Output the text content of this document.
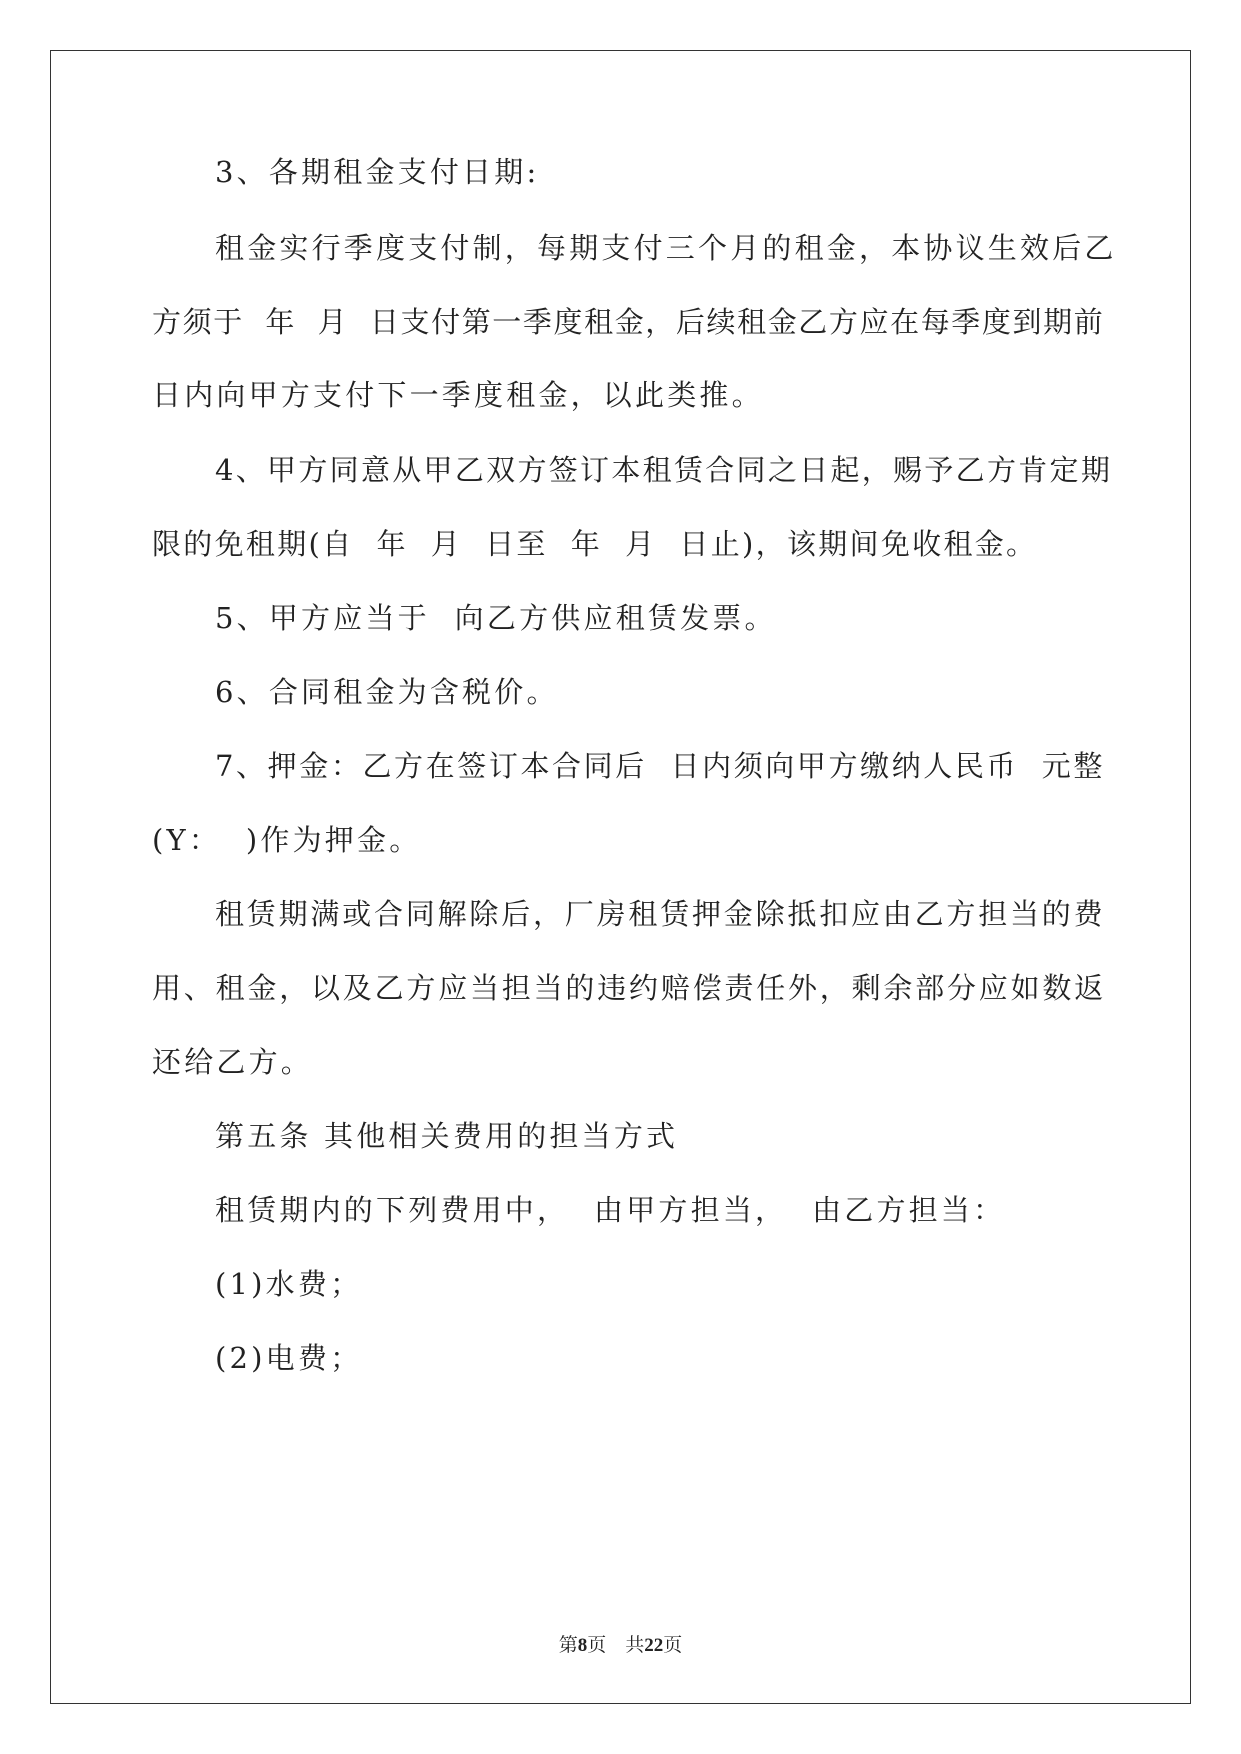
3、各期租金支付日期:
租金实行季度支付制，每期支付三个月的租金，本协议生效后乙
方须于  年  月  日支付第一季度租金，后续租金乙方应在每季度到期前
日内向甲方支付下一季度租金，以此类推。
4、甲方同意从甲乙双方签订本租赁合同之日起，赐予乙方肯定期
限的免租期(自  年  月  日至  年  月  日止)，该期间免收租金。
5、甲方应当于  向乙方供应租赁发票。
6、合同租金为含税价。
7、押金：乙方在签订本合同后  日内须向甲方缴纳人民币  元整
(Y：  )作为押金。
租赁期满或合同解除后，厂房租赁押金除抵扣应由乙方担当的费
用、租金，以及乙方应当担当的违约赔偿责任外，剩余部分应如数返
还给乙方。
第五条 其他相关费用的担当方式
租赁期内的下列费用中，  由甲方担当，  由乙方担当：
(1)水费；
(2)电费；
第8页    共22页
